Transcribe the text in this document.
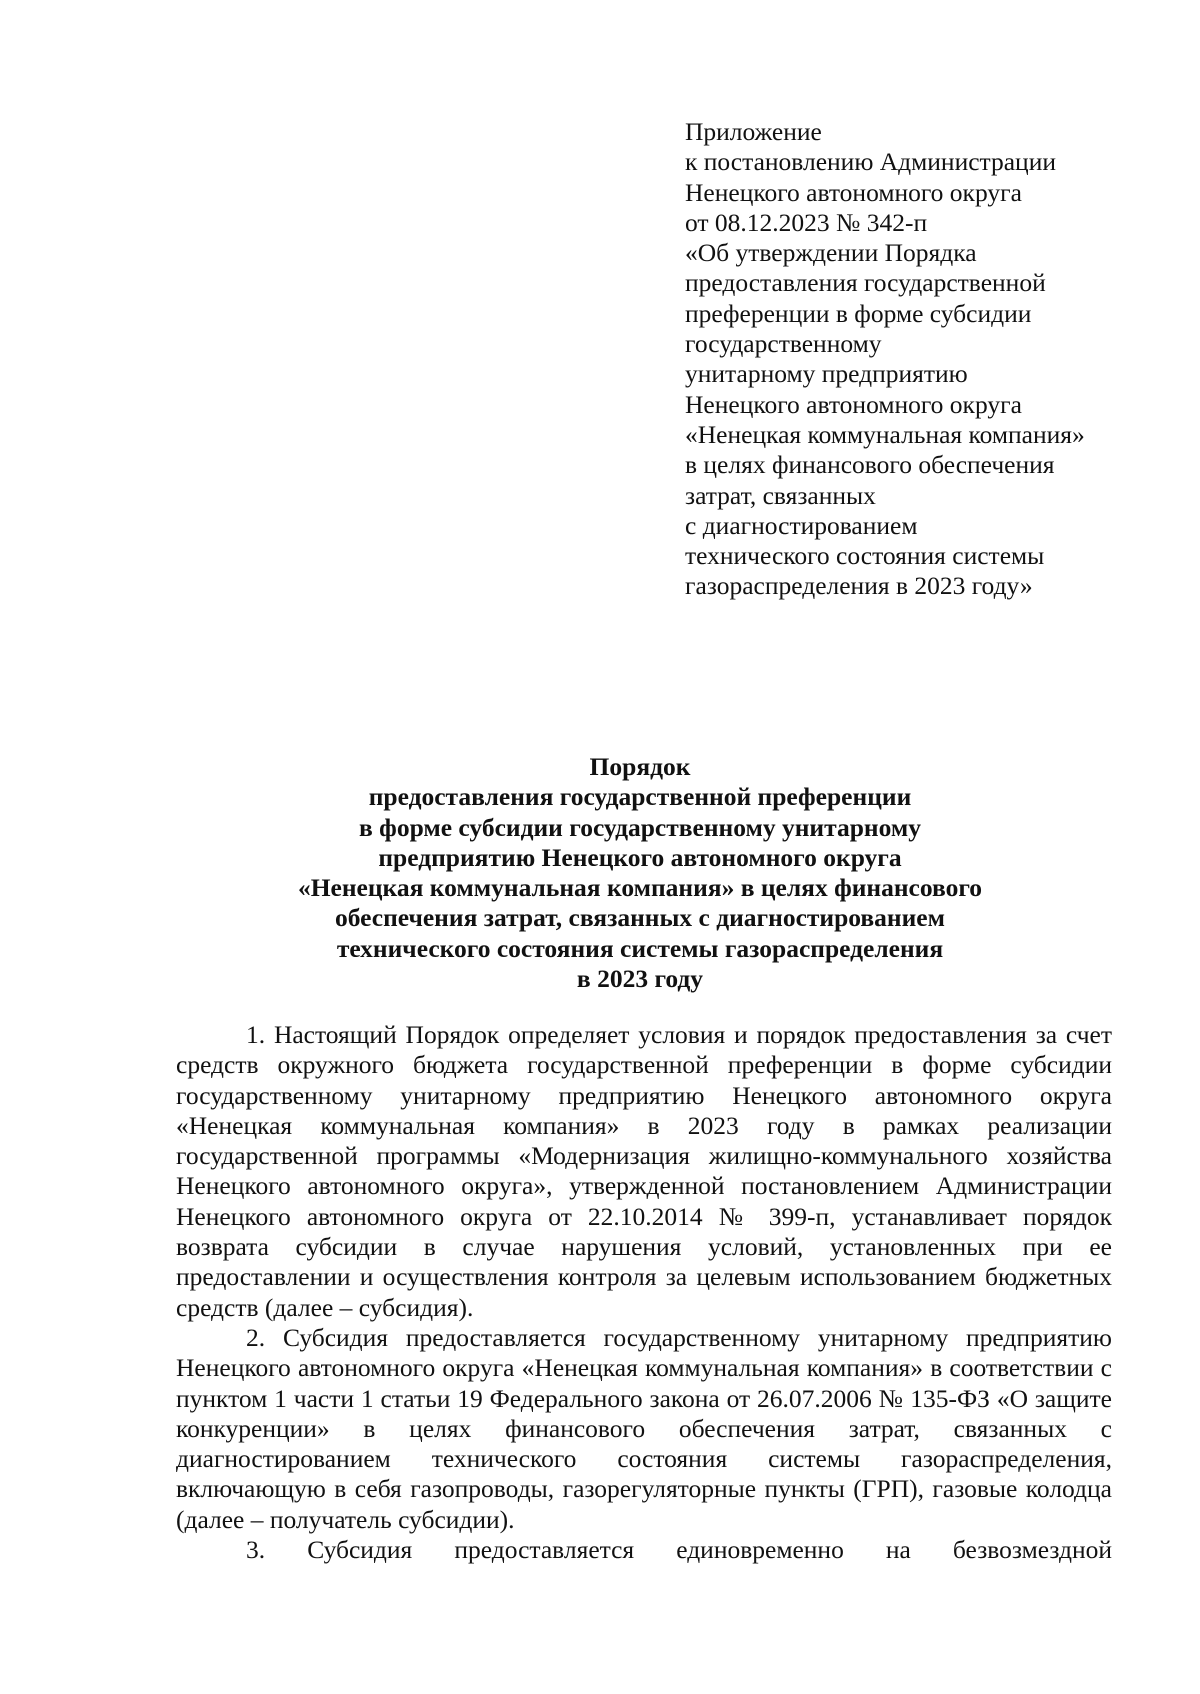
Приложение
к постановлению Администрации
Ненецкого автономного округа
от 08.12.2023 № 342-п
«Об утверждении Порядка
предоставления государственной
преференции в форме субсидии
государственному
унитарному предприятию
Ненецкого автономного округа
«Ненецкая коммунальная компания»
в целях финансового обеспечения
затрат, связанных
с диагностированием
технического состояния системы
газораспределения в 2023 году»
Порядок
предоставления государственной преференции
в форме субсидии государственному унитарному
предприятию Ненецкого автономного округа
«Ненецкая коммунальная компания» в целях финансового
обеспечения затрат, связанных с диагностированием
технического состояния системы газораспределения
в 2023 году

1. Настоящий Порядок определяет условия и порядок предоставления за счет средств окружного бюджета государственной преференции в форме субсидии государственному унитарному предприятию Ненецкого автономного округа «Ненецкая коммунальная компания» в 2023 году в рамках реализации государственной программы «Модернизация жилищно-коммунального хозяйства Ненецкого автономного округа», утвержденной постановлением Администрации Ненецкого автономного округа от 22.10.2014 № 399-п, устанавливает порядок возврата субсидии в случае нарушения условий, установленных при ее предоставлении и осуществления контроля за целевым использованием бюджетных средств (далее – субсидия).

2. Субсидия предоставляется государственному унитарному предприятию Ненецкого автономного округа «Ненецкая коммунальная компания» в соответствии с пунктом 1 части 1 статьи 19 Федерального закона от 26.07.2006 № 135-ФЗ «О защите конкуренции» в целях финансового обеспечения затрат, связанных с диагностированием технического состояния системы газораспределения, включающую в себя газопроводы, газорегуляторные пункты (ГРП), газовые колодца (далее – получатель субсидии).

3. Субсидия предоставляется единовременно на безвозмездной
